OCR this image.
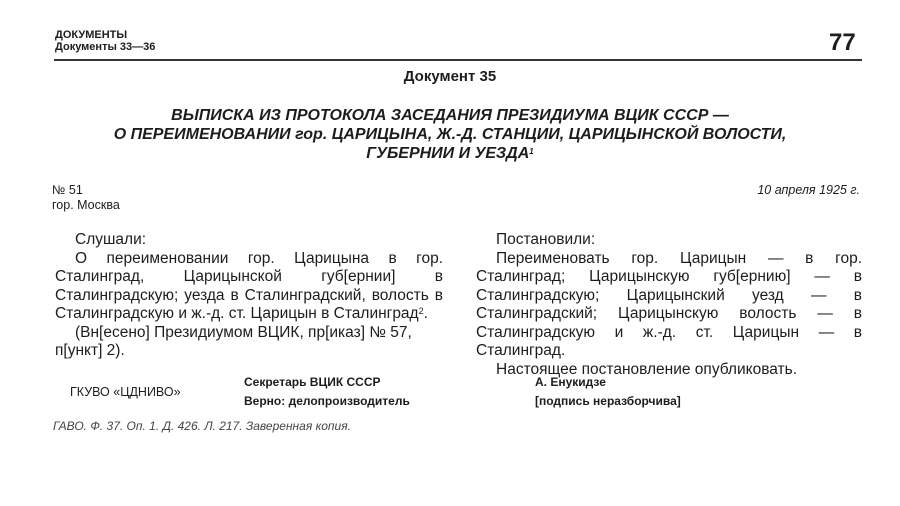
ДОКУМЕНТЫ
Документы 33—36	77
Документ 35
ВЫПИСКА ИЗ ПРОТОКОЛА ЗАСЕДАНИЯ ПРЕЗИДИУМА ВЦИК СССР —
О ПЕРЕИМЕНОВАНИИ гор. ЦАРИЦЫНА, Ж.-Д. СТАНЦИИ, ЦАРИЦЫНСКОЙ ВОЛОСТИ,
ГУБЕРНИИ И УЕЗДА$^1$
№ 51
гор. Москва
10 апреля 1925 г.
Слушали:
О переименовании гор. Царицына в гор. Сталинград, Царицынской губ[ернии] в Сталинградскую; уезда в Сталинградский, волость в Сталинградскую и ж.-д. ст. Царицын в Сталинград$^2$.
(Вн[есено] Президиумом ВЦИК, пр[иказ] № 57, п[ункт] 2).
Постановили:
Переименовать гор. Царицын — в гор. Сталинград; Царицынскую губ[ернию] — в Сталинградскую; Царицынский уезд — в Сталинградский; Царицынскую волость — в Сталинградскую и ж.-д. ст. Царицын — в Сталинград.
Настоящее постановление опубликовать.
Секретарь ВЦИК СССР
Верно: делопроизводитель
А. Енукидзе
[подпись неразборчива]
ГКУВО «ЦДНИВО»
ГАВО. Ф. 37. Оп. 1. Д. 426. Л. 217. Заверенная копия.
